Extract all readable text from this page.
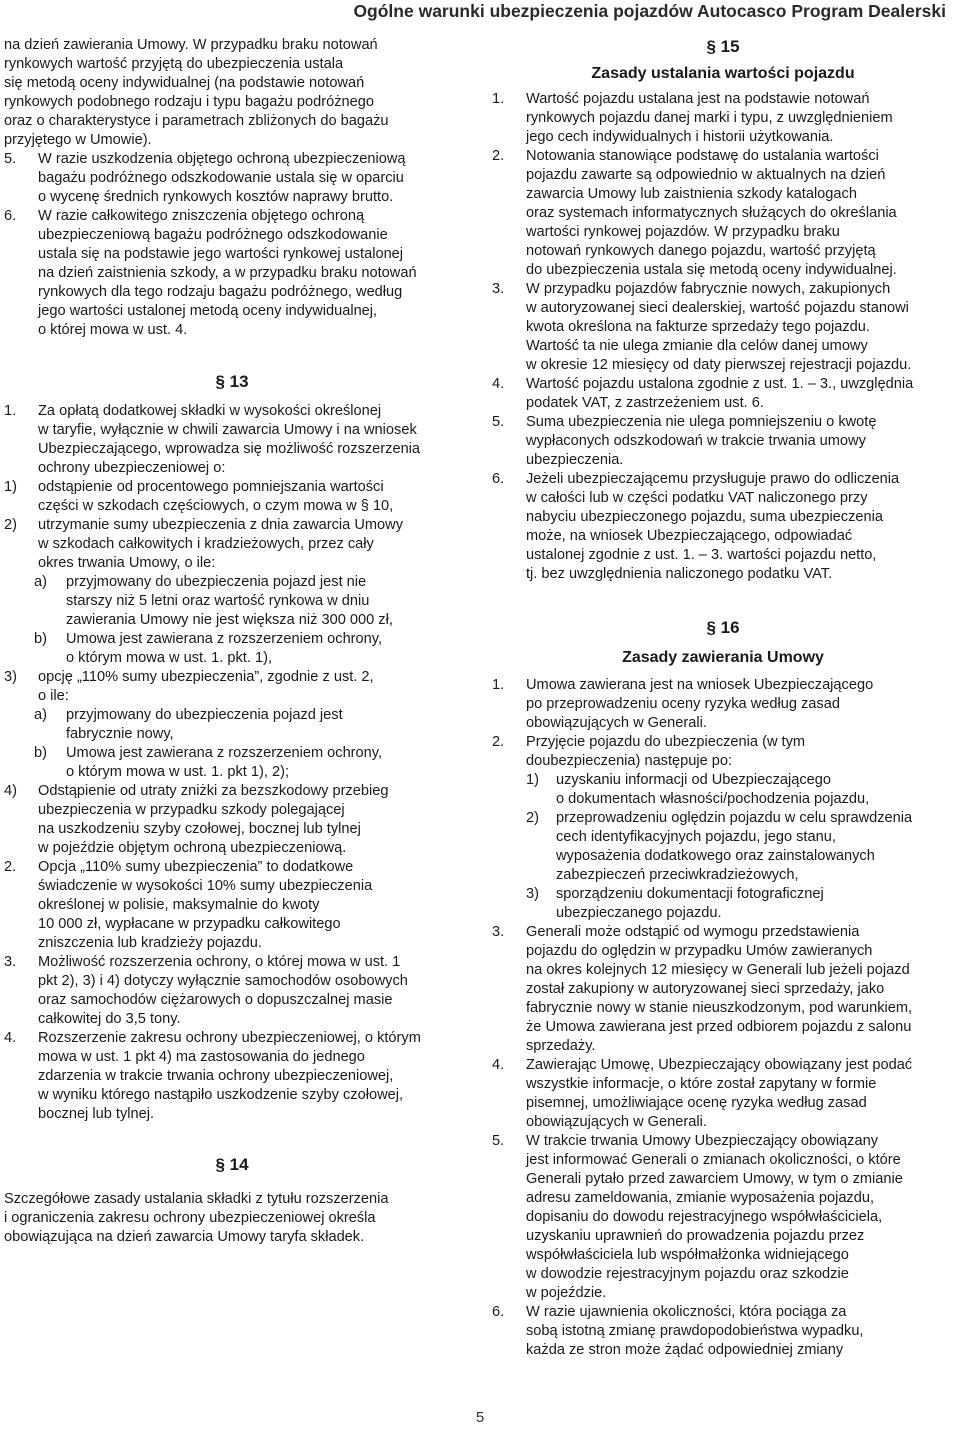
Ogólne warunki ubezpieczenia pojazdów Autocasco Program Dealerski
na dzień zawierania Umowy. W przypadku braku notowań
rynkowych wartość przyjętą do ubezpieczenia ustala
się metodą oceny indywidualnej (na podstawie notowań
rynkowych podobnego rodzaju i typu bagażu podróżnego
oraz o charakterystyce i parametrach zbliżonych do bagażu
przyjętego w Umowie).
5.	W razie uszkodzenia objętego ochroną ubezpieczeniową
bagażu podróżnego odszkodowanie ustala się w oparciu
o wycenę średnich rynkowych kosztów naprawy brutto.
6.	W razie całkowitego zniszczenia objętego ochroną
ubezpieczeniową bagażu podróżnego odszkodowanie
ustala się na podstawie jego wartości rynkowej ustalonej
na dzień zaistnienia szkody, a w przypadku braku notowań
rynkowych dla tego rodzaju bagażu podróżnego, według
jego wartości ustalonej metodą oceny indywidualnej,
o której mowa w ust. 4.
§ 13
1.	Za opłatą dodatkowej składki w wysokości określonej
w taryfie, wyłącznie w chwili zawarcia Umowy i na wniosek
Ubezpieczającego, wprowadza się możliwość rozszerzenia
ochrony ubezpieczeniowej o:
1)	odstąpienie od procentowego pomniejszania wartości
części w szkodach częściowych, o czym mowa w § 10,
2)	utrzymanie sumy ubezpieczenia z dnia zawarcia Umowy
w szkodach całkowitych i kradzieżowych, przez cały
okres trwania Umowy, o ile:
a)	przyjmowany do ubezpieczenia pojazd jest nie
starszy niż 5 letni oraz wartość rynkowa w dniu
zawierania Umowy nie jest większa niż 300 000 zł,
b)	Umowa jest zawierana z rozszerzeniem ochrony,
o którym mowa w ust. 1. pkt. 1),
3)	opcję „110% sumy ubezpieczenia”, zgodnie z ust. 2,
o ile:
a)	przyjmowany do ubezpieczenia pojazd jest
fabrycznie nowy,
b)	Umowa jest zawierana z rozszerzeniem ochrony,
o którym mowa w ust. 1. pkt 1), 2);
4)	Odstąpienie od utraty zniżki za bezszkodowy przebieg
ubezpieczenia w przypadku szkody polegającej
na uszkodzeniu szyby czołowej, bocznej lub tylnej
w pojeździe objętym ochroną ubezpieczeniową.
2.	Opcja „110% sumy ubezpieczenia” to dodatkowe
świadczenie w wysokości 10% sumy ubezpieczenia
określonej w polisie, maksymalnie do kwoty
10 000 zł, wypłacane w przypadku całkowitego
zniszczenia lub kradzieży pojazdu.
3.	Możliwość rozszerzenia ochrony, o której mowa w ust. 1
pkt 2), 3) i 4) dotyczy wyłącznie samochodów osobowych
oraz samochodów ciężarowych o dopuszczalnej masie
całkowitej do 3,5 tony.
4.	Rozszerzenie zakresu ochrony ubezpieczeniowej, o którym
mowa w ust. 1 pkt 4) ma zastosowania do jednego
zdarzenia w trakcie trwania ochrony ubezpieczeniowej,
w wyniku którego nastąpiło uszkodzenie szyby czołowej,
bocznej lub tylnej.
§ 14
Szczegółowe zasady ustalania składki z tytułu rozszerzenia
i ograniczenia zakresu ochrony ubezpieczeniowej określa
obowiązująca na dzień zawarcia Umowy taryfa składek.
§ 15
Zasady ustalania wartości pojazdu
1.	Wartość pojazdu ustalana jest na podstawie notowań
rynkowych pojazdu danej marki i typu, z uwzględnieniem
jego cech indywidualnych i historii użytkowania.
2.	Notowania stanowiące podstawę do ustalania wartości
pojazdu zawarte są odpowiednio w aktualnych na dzień
zawarcia Umowy lub zaistnienia szkody katalogach
oraz systemach informatycznych służących do określania
wartości rynkowej pojazdów. W przypadku braku
notowań rynkowych danego pojazdu, wartość przyjętą
do ubezpieczenia ustala się metodą oceny indywidualnej.
3.	W przypadku pojazdów fabrycznie nowych, zakupionych
w autoryzowanej sieci dealerskiej, wartość pojazdu stanowi
kwota określona na fakturze sprzedaży tego pojazdu.
Wartość ta nie ulega zmianie dla celów danej umowy
w okresie 12 miesięcy od daty pierwszej rejestracji pojazdu.
4.	Wartość pojazdu ustalona zgodnie z ust. 1. – 3., uwzględnia
podatek VAT, z zastrzeżeniem ust. 6.
5.	Suma ubezpieczenia nie ulega pomniejszeniu o kwotę
wypłaconych odszkodowań w trakcie trwania umowy
ubezpieczenia.
6.	Jeżeli ubezpieczającemu przysługuje prawo do odliczenia
w całości lub w części podatku VAT naliczonego przy
nabyciu ubezpieczonego pojazdu, suma ubezpieczenia
może, na wniosek Ubezpieczającego, odpowiadać
ustalonej zgodnie z ust. 1. – 3. wartości pojazdu netto,
tj. bez uwzględnienia naliczonego podatku VAT.
§ 16
Zasady zawierania Umowy
1.	Umowa zawierana jest na wniosek Ubezpieczającego
po przeprowadzeniu oceny ryzyka według zasad
obowiązujących w Generali.
2.	Przyjęcie pojazdu do ubezpieczenia (w tym
doubezpieczenia) następuje po:
1)	uzyskaniu informacji od Ubezpieczającego
o dokumentach własności/pochodzenia pojazdu,
2)	przeprowadzeniu oględzin pojazdu w celu sprawdzenia
cech identyfikacyjnych pojazdu, jego stanu,
wyposażenia dodatkowego oraz zainstalowanych
zabezpieczeń przeciwkradzieżowych,
3)	sporządzeniu dokumentacji fotograficznej
ubezpieczanego pojazdu.
3.	Generali może odstąpić od wymogu przedstawienia
pojazdu do oględzin w przypadku Umów zawieranych
na okres kolejnych 12 miesięcy w Generali lub jeżeli pojazd
został zakupiony w autoryzowanej sieci sprzedaży, jako
fabrycznie nowy w stanie nieuszkodzonym, pod warunkiem,
że Umowa zawierana jest przed odbiorem pojazdu z salonu
sprzedaży.
4.	Zawierając Umowę, Ubezpieczający obowiązany jest podać
wszystkie informacje, o które został zapytany w formie
pisemnej, umożliwiające ocenę ryzyka według zasad
obowiązujących w Generali.
5.	W trakcie trwania Umowy Ubezpieczający obowiązany
jest informować Generali o zmianach okoliczności, o które
Generali pytało przed zawarciem Umowy, w tym o zmianie
adresu zameldowania, zmianie wyposażenia pojazdu,
dopisaniu do dowodu rejestracyjnego współwłaściciela,
uzyskaniu uprawnień do prowadzenia pojazdu przez
współwłaściciela lub współmałżonka widniejącego
w dowodzie rejestracyjnym pojazdu oraz szkodzie
w pojeździe.
6.	W razie ujawnienia okoliczności, która pociąga za
sobą istotną zmianę prawdopodobieństwa wypadku,
każda ze stron może żądać odpowiedniej zmiany
5
